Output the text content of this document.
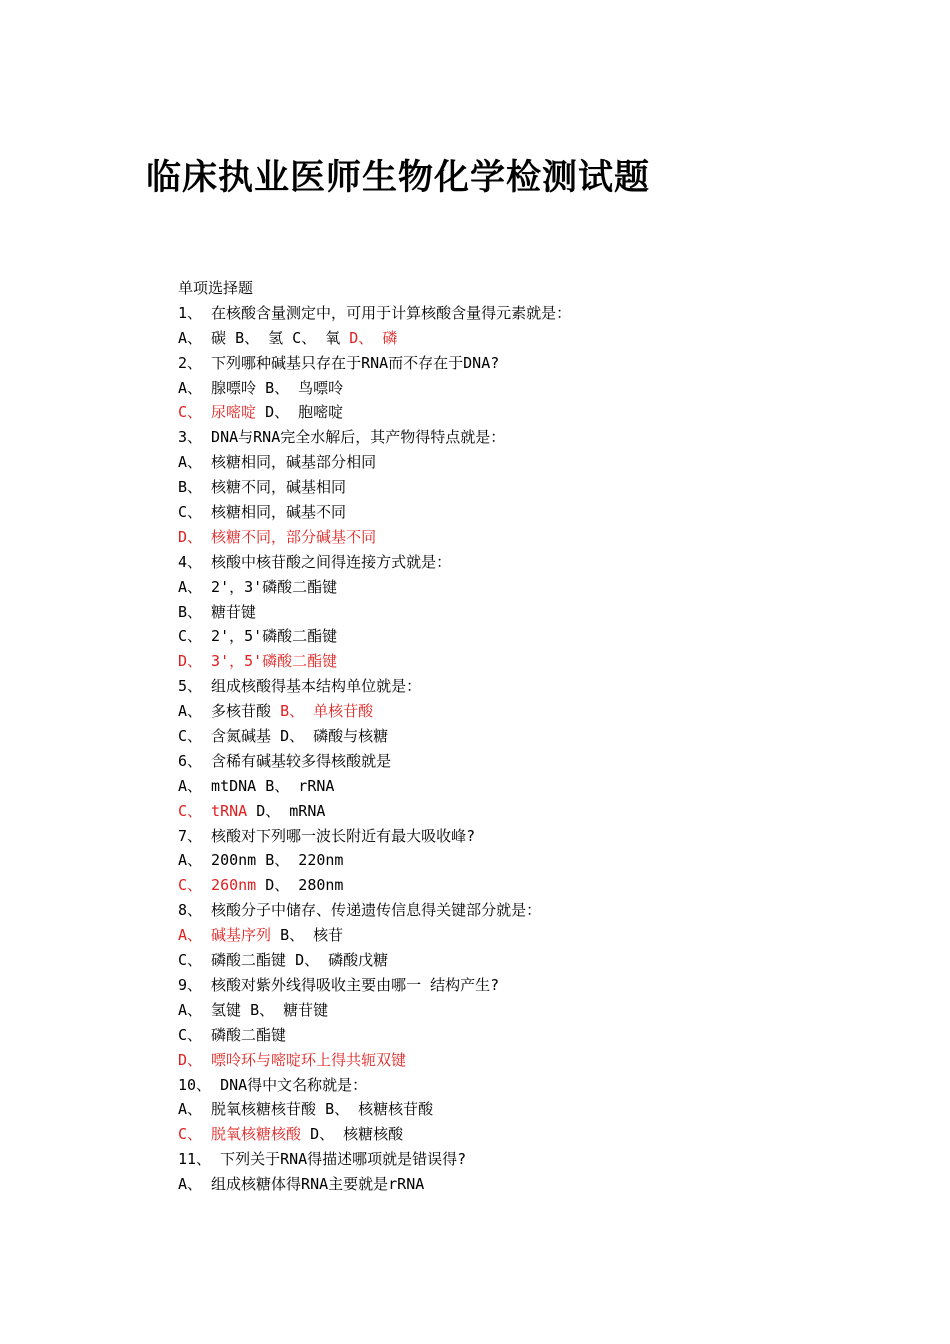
临床执业医师生物化学检测试题
单项选择题
1、 在核酸含量测定中，可用于计算核酸含量得元素就是：
A、 碳 B、 氢 C、 氧 D、 磷
2、 下列哪种碱基只存在于RNA而不存在于DNA?
A、 腺嘌呤 B、 鸟嘌呤
C、 尿嘧啶 D、 胞嘧啶
3、 DNA与RNA完全水解后，其产物得特点就是：
A、 核糖相同，碱基部分相同
B、 核糖不同，碱基相同
C、 核糖相同，碱基不同
D、 核糖不同，部分碱基不同
4、 核酸中核苷酸之间得连接方式就是：
A、 2'，3'磷酸二酯键
B、 糖苷键
C、 2'，5'磷酸二酯键
D、 3'，5'磷酸二酯键
5、 组成核酸得基本结构单位就是：
A、 多核苷酸 B、 单核苷酸
C、 含氮碱基 D、 磷酸与核糖
6、 含稀有碱基较多得核酸就是
A、 mtDNA B、 rRNA
C、 tRNA D、 mRNA
7、 核酸对下列哪一波长附近有最大吸收峰?
A、 200nm B、 220nm
C、 260nm D、 280nm
8、 核酸分子中储存、传递遗传信息得关键部分就是：
A、 碱基序列 B、 核苷
C、 磷酸二酯键 D、 磷酸戊糖
9、 核酸对紫外线得吸收主要由哪一 结构产生?
A、 氢键 B、 糖苷键
C、 磷酸二酯键
D、 嘌呤环与嘧啶环上得共轭双键
10、 DNA得中文名称就是：
A、 脱氧核糖核苷酸 B、 核糖核苷酸
C、 脱氧核糖核酸 D、 核糖核酸
11、 下列关于RNA得描述哪项就是错误得?
A、 组成核糖体得RNA主要就是rRNA
